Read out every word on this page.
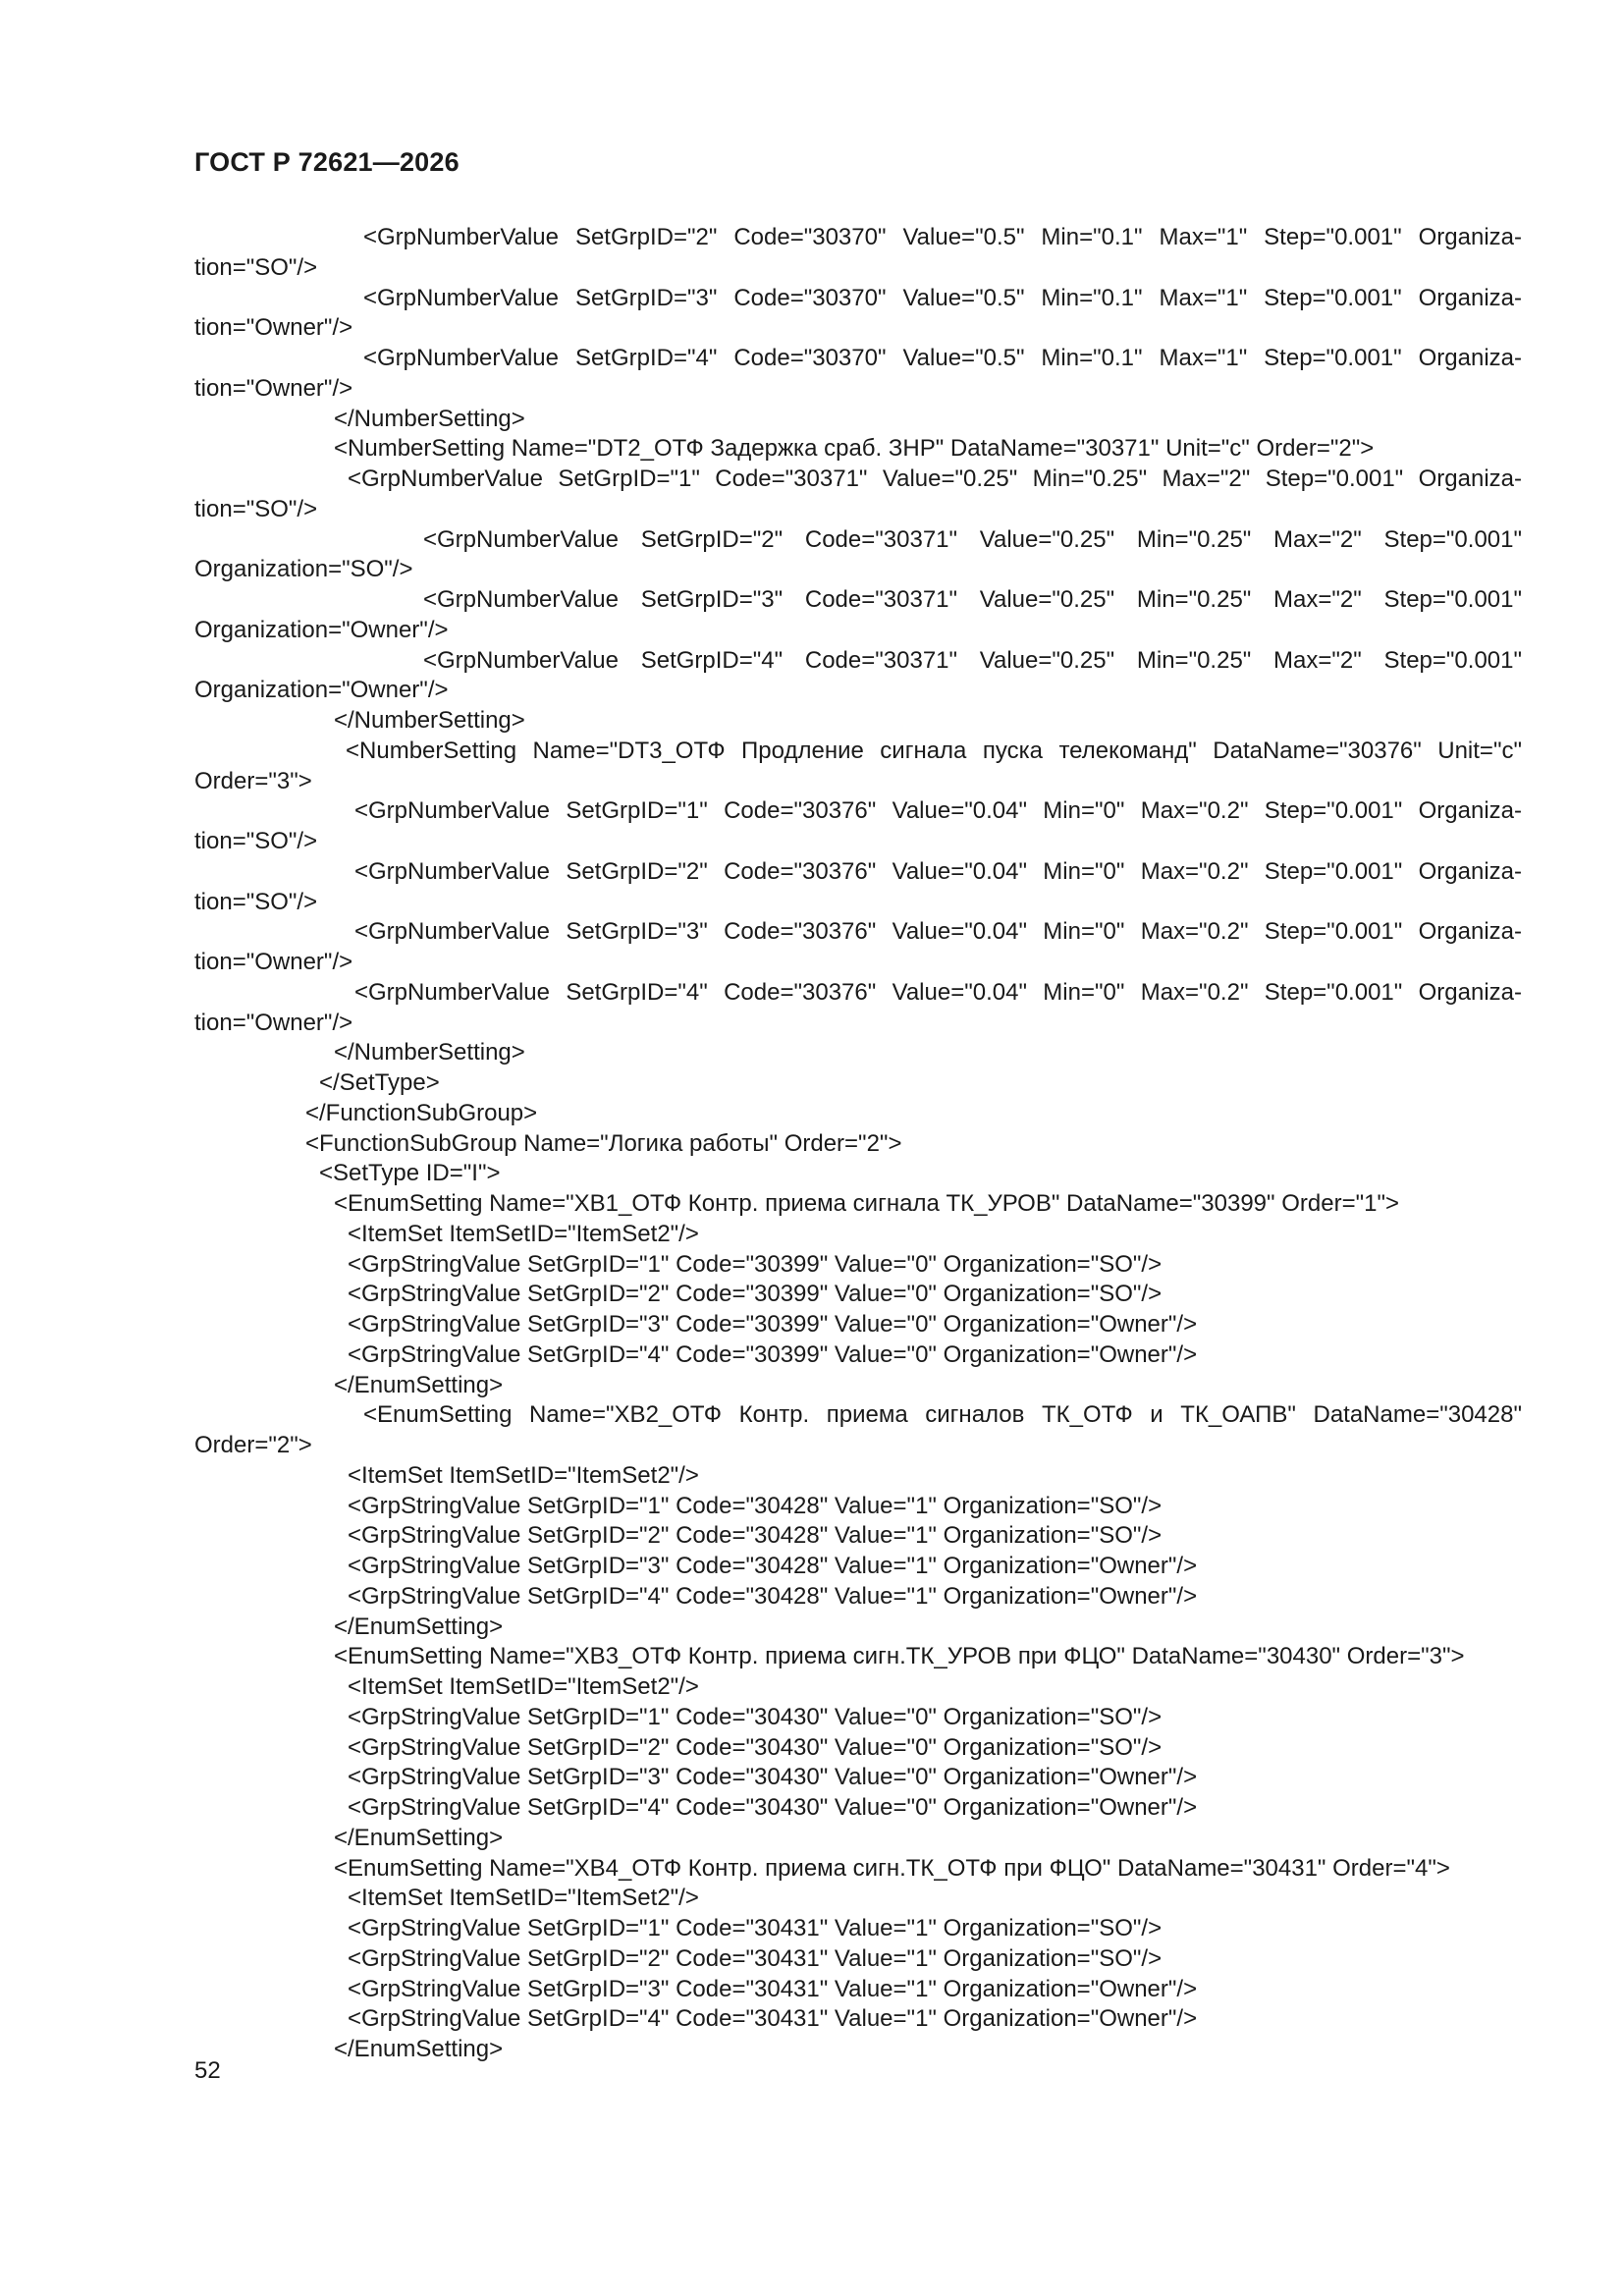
ГОСТ Р 72621—2026
<GrpNumberValue SetGrpID="2" Code="30370" Value="0.5" Min="0.1" Max="1" Step="0.001" Organiza-
tion="SO"/>
<GrpNumberValue SetGrpID="3" Code="30370" Value="0.5" Min="0.1" Max="1" Step="0.001" Organiza-
tion="Owner"/>
<GrpNumberValue SetGrpID="4" Code="30370" Value="0.5" Min="0.1" Max="1" Step="0.001" Organiza-
tion="Owner"/>
</NumberSetting>
<NumberSetting Name="DT2_ОТФ Задержка сраб. ЗНР" DataName="30371" Unit="с" Order="2">
<GrpNumberValue SetGrpID="1" Code="30371" Value="0.25" Min="0.25" Max="2" Step="0.001" Organiza-
tion="SO"/>
<GrpNumberValue SetGrpID="2" Code="30371" Value="0.25" Min="0.25" Max="2" Step="0.001"
Organization="SO"/>
<GrpNumberValue SetGrpID="3" Code="30371" Value="0.25" Min="0.25" Max="2" Step="0.001"
Organization="Owner"/>
<GrpNumberValue SetGrpID="4" Code="30371" Value="0.25" Min="0.25" Max="2" Step="0.001"
Organization="Owner"/>
</NumberSetting>
<NumberSetting Name="DT3_ОТФ Продление сигнала пуска телекоманд" DataName="30376" Unit="с"
Order="3">
<GrpNumberValue SetGrpID="1" Code="30376" Value="0.04" Min="0" Max="0.2" Step="0.001" Organiza-
tion="SO"/>
<GrpNumberValue SetGrpID="2" Code="30376" Value="0.04" Min="0" Max="0.2" Step="0.001" Organiza-
tion="SO"/>
<GrpNumberValue SetGrpID="3" Code="30376" Value="0.04" Min="0" Max="0.2" Step="0.001" Organiza-
tion="Owner"/>
<GrpNumberValue SetGrpID="4" Code="30376" Value="0.04" Min="0" Max="0.2" Step="0.001" Organiza-
tion="Owner"/>
</NumberSetting>
</SetType>
</FunctionSubGroup>
<FunctionSubGroup Name="Логика работы" Order="2">
<SetType ID="I">
<EnumSetting Name="XB1_ОТФ Контр. приема сигнала ТК_УРОВ" DataName="30399" Order="1">
<ItemSet ItemSetID="ItemSet2"/>
<GrpStringValue SetGrpID="1" Code="30399" Value="0" Organization="SO"/>
<GrpStringValue SetGrpID="2" Code="30399" Value="0" Organization="SO"/>
<GrpStringValue SetGrpID="3" Code="30399" Value="0" Organization="Owner"/>
<GrpStringValue SetGrpID="4" Code="30399" Value="0" Organization="Owner"/>
</EnumSetting>
<EnumSetting Name="XB2_ОТФ Контр. приема сигналов ТК_ОТФ и ТК_ОАПВ" DataName="30428"
Order="2">
<ItemSet ItemSetID="ItemSet2"/>
<GrpStringValue SetGrpID="1" Code="30428" Value="1" Organization="SO"/>
<GrpStringValue SetGrpID="2" Code="30428" Value="1" Organization="SO"/>
<GrpStringValue SetGrpID="3" Code="30428" Value="1" Organization="Owner"/>
<GrpStringValue SetGrpID="4" Code="30428" Value="1" Organization="Owner"/>
</EnumSetting>
<EnumSetting Name="XB3_ОТФ Контр. приема сигн.ТК_УРОВ при ФЦО" DataName="30430" Order="3">
<ItemSet ItemSetID="ItemSet2"/>
<GrpStringValue SetGrpID="1" Code="30430" Value="0" Organization="SO"/>
<GrpStringValue SetGrpID="2" Code="30430" Value="0" Organization="SO"/>
<GrpStringValue SetGrpID="3" Code="30430" Value="0" Organization="Owner"/>
<GrpStringValue SetGrpID="4" Code="30430" Value="0" Organization="Owner"/>
</EnumSetting>
<EnumSetting Name="XB4_ОТФ Контр. приема сигн.ТК_ОТФ при ФЦО" DataName="30431" Order="4">
<ItemSet ItemSetID="ItemSet2"/>
<GrpStringValue SetGrpID="1" Code="30431" Value="1" Organization="SO"/>
<GrpStringValue SetGrpID="2" Code="30431" Value="1" Organization="SO"/>
<GrpStringValue SetGrpID="3" Code="30431" Value="1" Organization="Owner"/>
<GrpStringValue SetGrpID="4" Code="30431" Value="1" Organization="Owner"/>
</EnumSetting>
52
